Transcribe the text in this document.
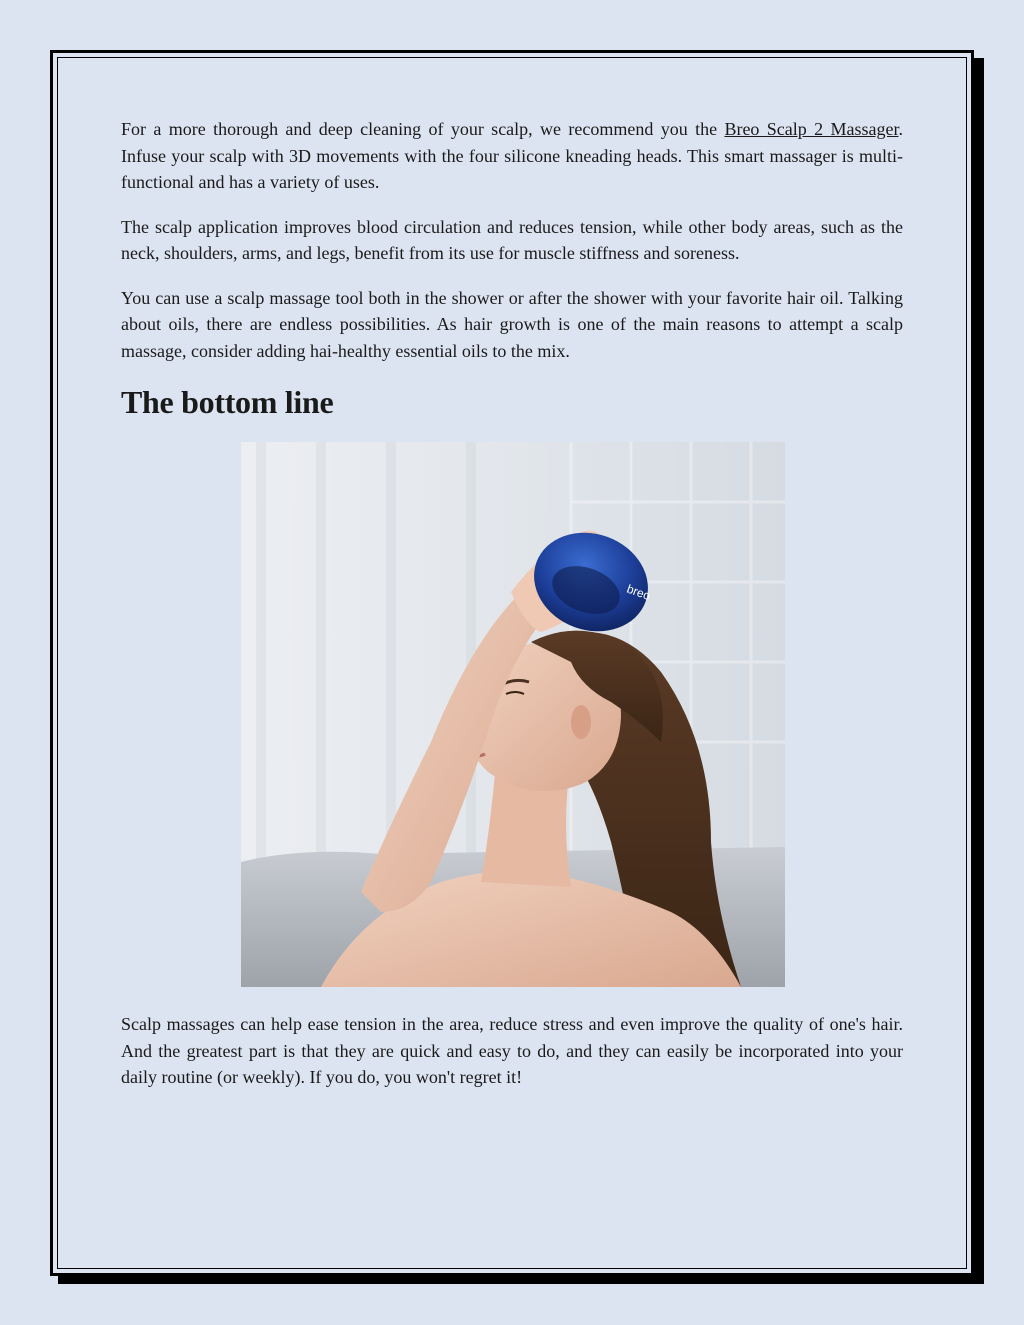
For a more thorough and deep cleaning of your scalp, we recommend you the Breo Scalp 2 Massager. Infuse your scalp with 3D movements with the four silicone kneading heads. This smart massager is multi-functional and has a variety of uses.

The scalp application improves blood circulation and reduces tension, while other body areas, such as the neck, shoulders, arms, and legs, benefit from its use for muscle stiffness and soreness.

You can use a scalp massage tool both in the shower or after the shower with your favorite hair oil. Talking about oils, there are endless possibilities. As hair growth is one of the main reasons to attempt a scalp massage, consider adding hai-healthy essential oils to the mix.

The bottom line
breo

Scalp massages can help ease tension in the area, reduce stress and even improve the quality of one's hair. And the greatest part is that they are quick and easy to do, and they can easily be incorporated into your daily routine (or weekly). If you do, you won't regret it!
